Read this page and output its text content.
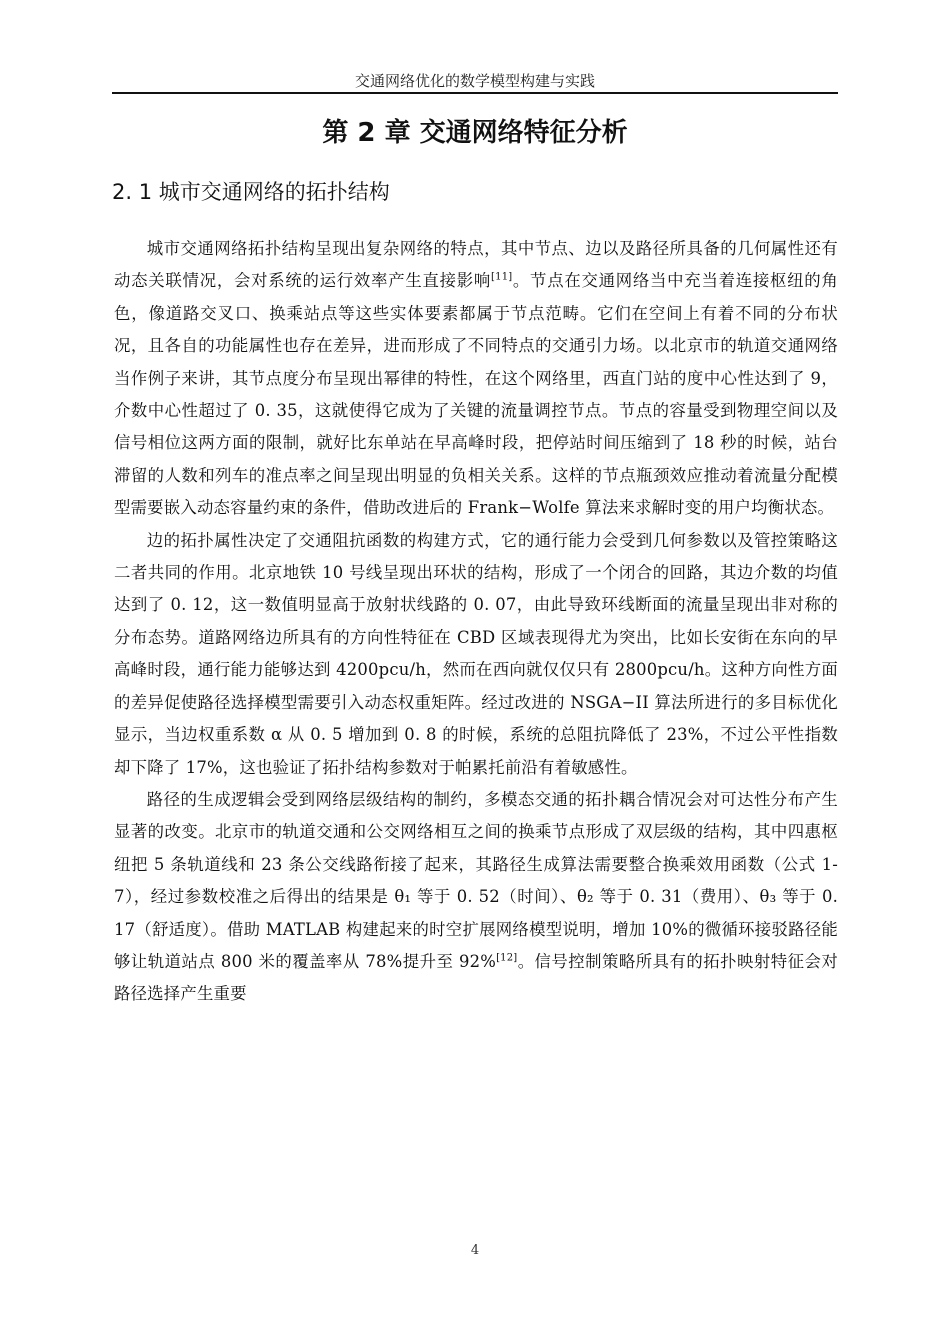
交通网络优化的数学模型构建与实践
第 2 章 交通网络特征分析
2. 1 城市交通网络的拓扑结构

城市交通网络拓扑结构呈现出复杂网络的特点，其中节点、边以及路径所具备的几何属性还有动态关联情况，会对系统的运行效率产生直接影响[11]。节点在交通网络当中充当着连接枢纽的角色，像道路交叉口、换乘站点等这些实体要素都属于节点范畴。它们在空间上有着不同的分布状况，且各自的功能属性也存在差异，进而形成了不同特点的交通引力场。以北京市的轨道交通网络当作例子来讲，其节点度分布呈现出幂律的特性，在这个网络里，西直门站的度中心性达到了 9，介数中心性超过了 0. 35，这就使得它成为了关键的流量调控节点。节点的容量受到物理空间以及信号相位这两方面的限制，就好比东单站在早高峰时段，把停站时间压缩到了 18 秒的时候，站台滞留的人数和列车的准点率之间呈现出明显的负相关关系。这样的节点瓶颈效应推动着流量分配模型需要嵌入动态容量约束的条件，借助改进后的 Frank−Wolfe 算法来求解时变的用户均衡状态。

边的拓扑属性决定了交通阻抗函数的构建方式，它的通行能力会受到几何参数以及管控策略这二者共同的作用。北京地铁 10 号线呈现出环状的结构，形成了一个闭合的回路，其边介数的均值达到了 0. 12，这一数值明显高于放射状线路的 0. 07，由此导致环线断面的流量呈现出非对称的分布态势。道路网络边所具有的方向性特征在 CBD 区域表现得尤为突出，比如长安街在东向的早高峰时段，通行能力能够达到 4200pcu/h，然而在西向就仅仅只有 2800pcu/h。这种方向性方面的差异促使路径选择模型需要引入动态权重矩阵。经过改进的 NSGA−II 算法所进行的多目标优化显示，当边权重系数 α 从 0. 5 增加到 0. 8 的时候，系统的总阻抗降低了 23%，不过公平性指数却下降了 17%，这也验证了拓扑结构参数对于帕累托前沿有着敏感性。

路径的生成逻辑会受到网络层级结构的制约，多模态交通的拓扑耦合情况会对可达性分布产生显著的改变。北京市的轨道交通和公交网络相互之间的换乘节点形成了双层级的结构，其中四惠枢纽把 5 条轨道线和 23 条公交线路衔接了起来，其路径生成算法需要整合换乘效用函数（公式 1-7），经过参数校准之后得出的结果是 θ₁ 等于 0. 52（时间）、θ₂ 等于 0. 31（费用）、θ₃ 等于 0. 17（舒适度）。借助 MATLAB 构建起来的时空扩展网络模型说明，增加 10%的微循环接驳路径能够让轨道站点 800 米的覆盖率从 78%提升至 92%[12]。信号控制策略所具有的拓扑映射特征会对路径选择产生重要

4
